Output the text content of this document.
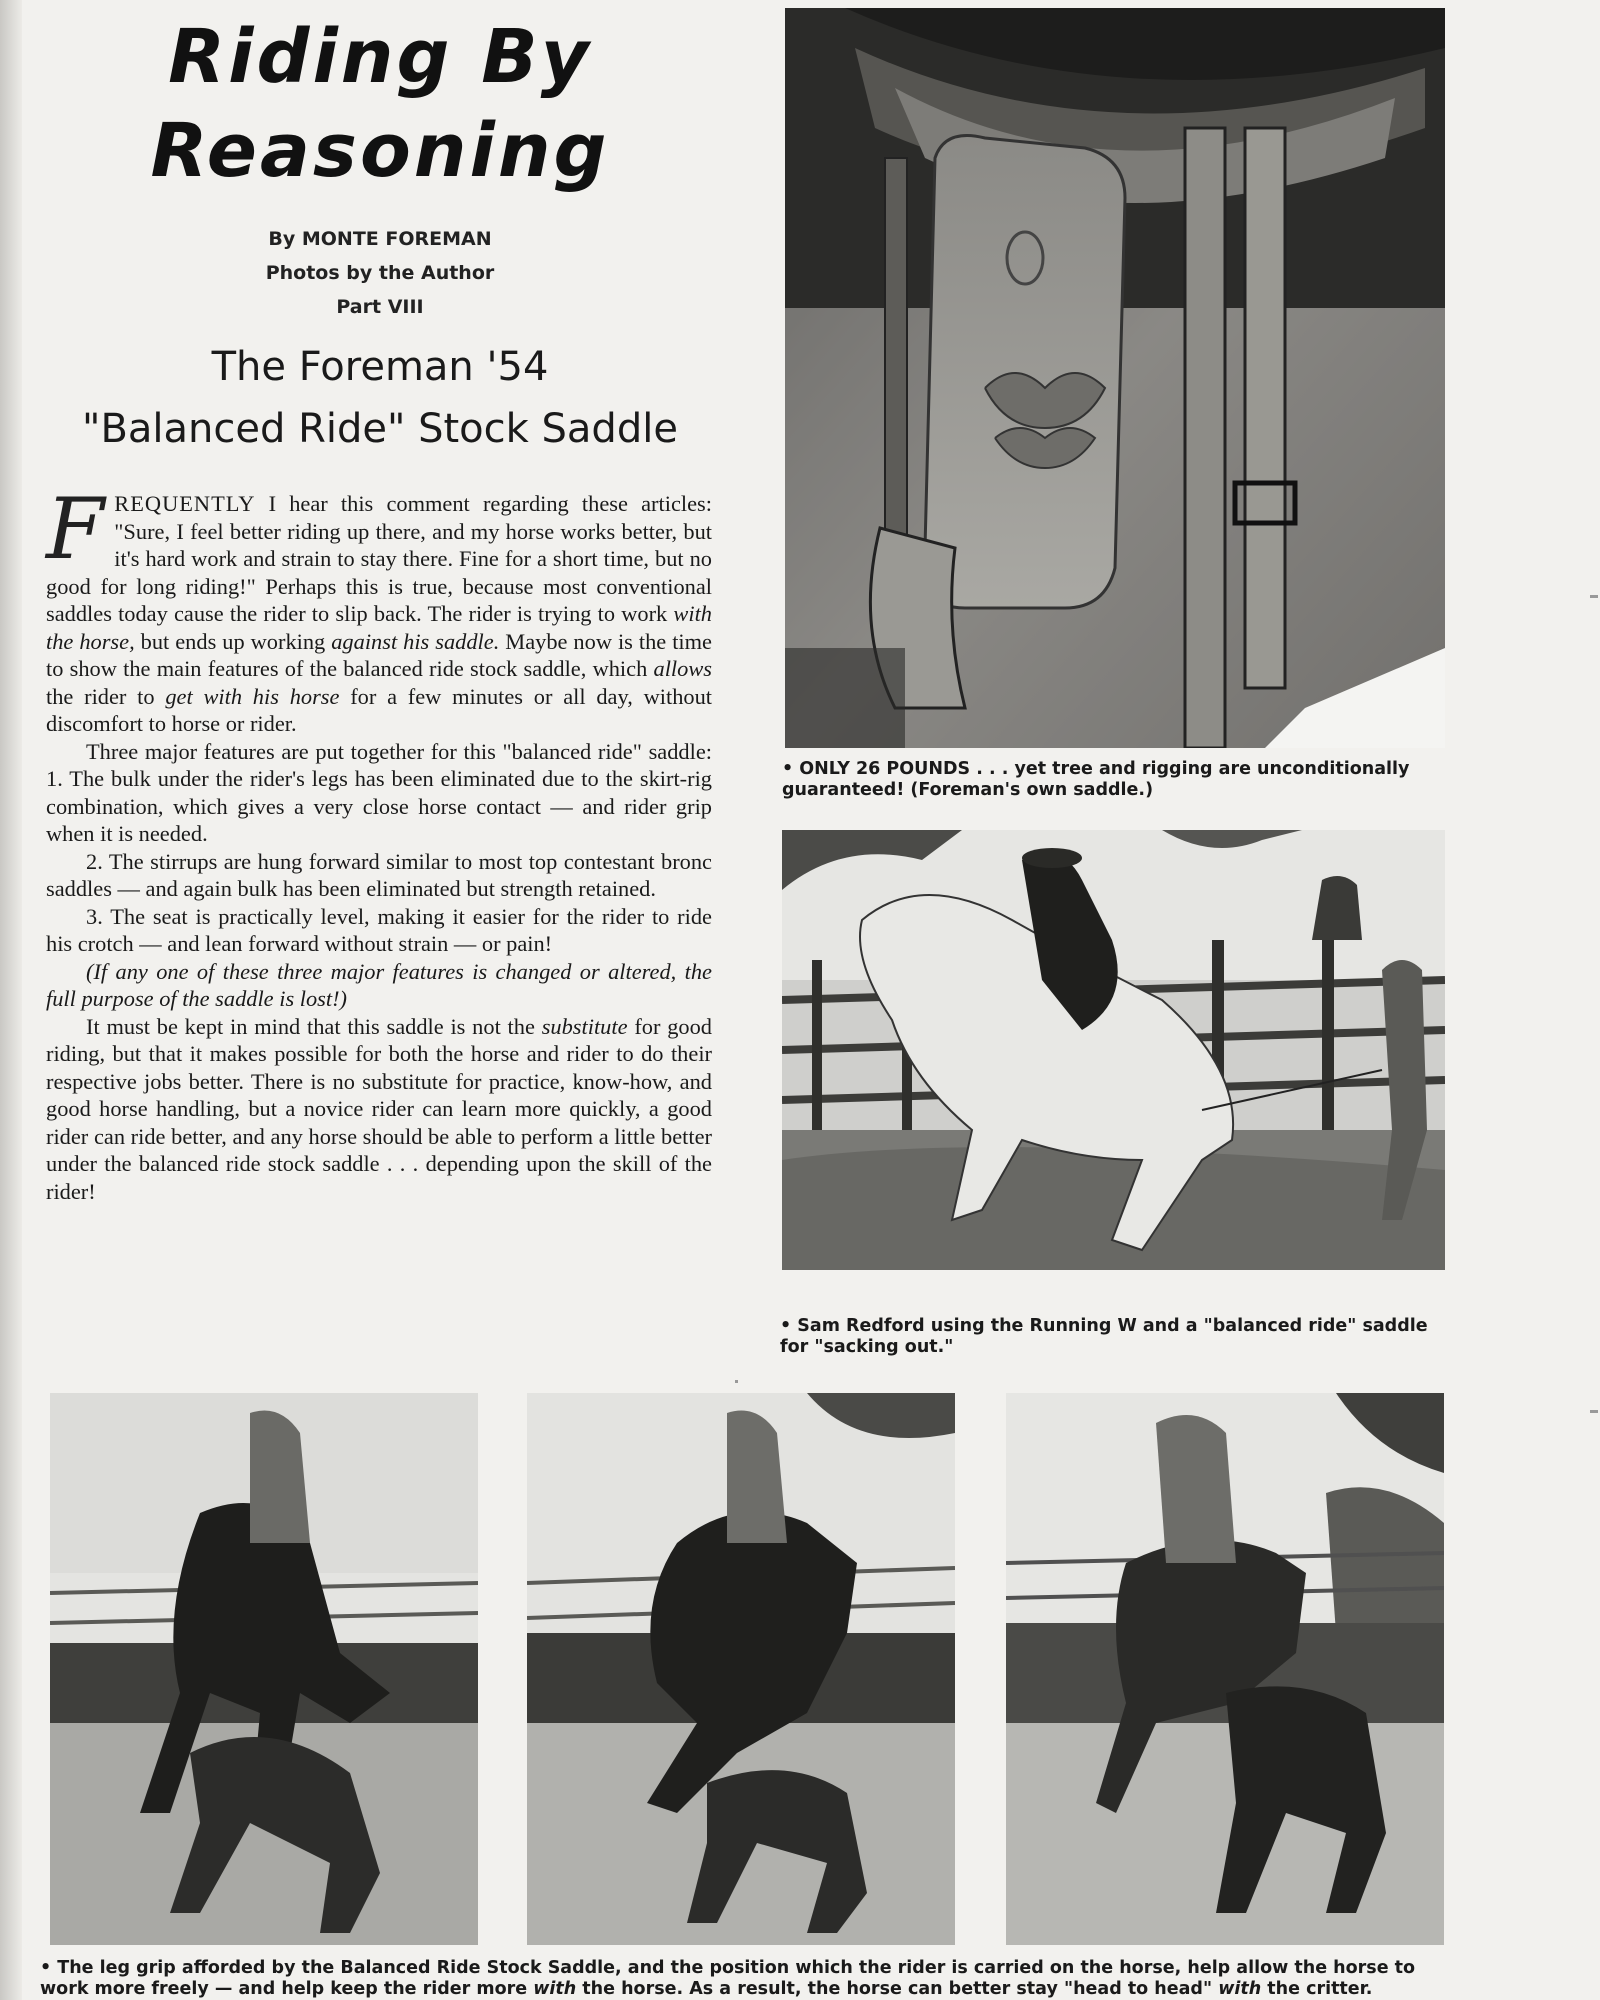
Riding By
Reasoning
By MONTE FOREMAN
Photos by the Author
Part VIII
The Foreman '54
"Balanced Ride" Stock Saddle

FREQUENTLY I hear this comment regarding these articles: "Sure, I feel better riding up there, and my horse works better, but it's hard work and strain to stay there. Fine for a short time, but no good for long riding!" Perhaps this is true, because most conventional saddles today cause the rider to slip back. The rider is trying to work with the horse, but ends up working against his saddle. Maybe now is the time to show the main features of the balanced ride stock saddle, which allows the rider to get with his horse for a few minutes or all day, without discomfort to horse or rider.

Three major features are put together for this "balanced ride" saddle: 1. The bulk under the rider's legs has been eliminated due to the skirt-rig combination, which gives a very close horse contact — and rider grip when it is needed.

2. The stirrups are hung forward similar to most top contestant bronc saddles — and again bulk has been eliminated but strength retained.

3. The seat is practically level, making it easier for the rider to ride his crotch — and lean forward without strain — or pain!

(If any one of these three major features is changed or altered, the full purpose of the saddle is lost!)

It must be kept in mind that this saddle is not the substitute for good riding, but that it makes possible for both the horse and rider to do their respective jobs better. There is no substitute for practice, know-how, and good horse handling, but a novice rider can learn more quickly, a good rider can ride better, and any horse should be able to perform a little better under the balanced ride stock saddle . . . depending upon the skill of the rider!

• ONLY 26 POUNDS . . . yet tree and rigging are unconditionally guaranteed! (Foreman's own saddle.)
• Sam Redford using the Running W and a "balanced ride" saddle for "sacking out."
• The leg grip afforded by the Balanced Ride Stock Saddle, and the position which the rider is carried on the horse, help allow the horse to work more freely — and help keep the rider more with the horse. As a result, the horse can better stay "head to head" with the critter.
